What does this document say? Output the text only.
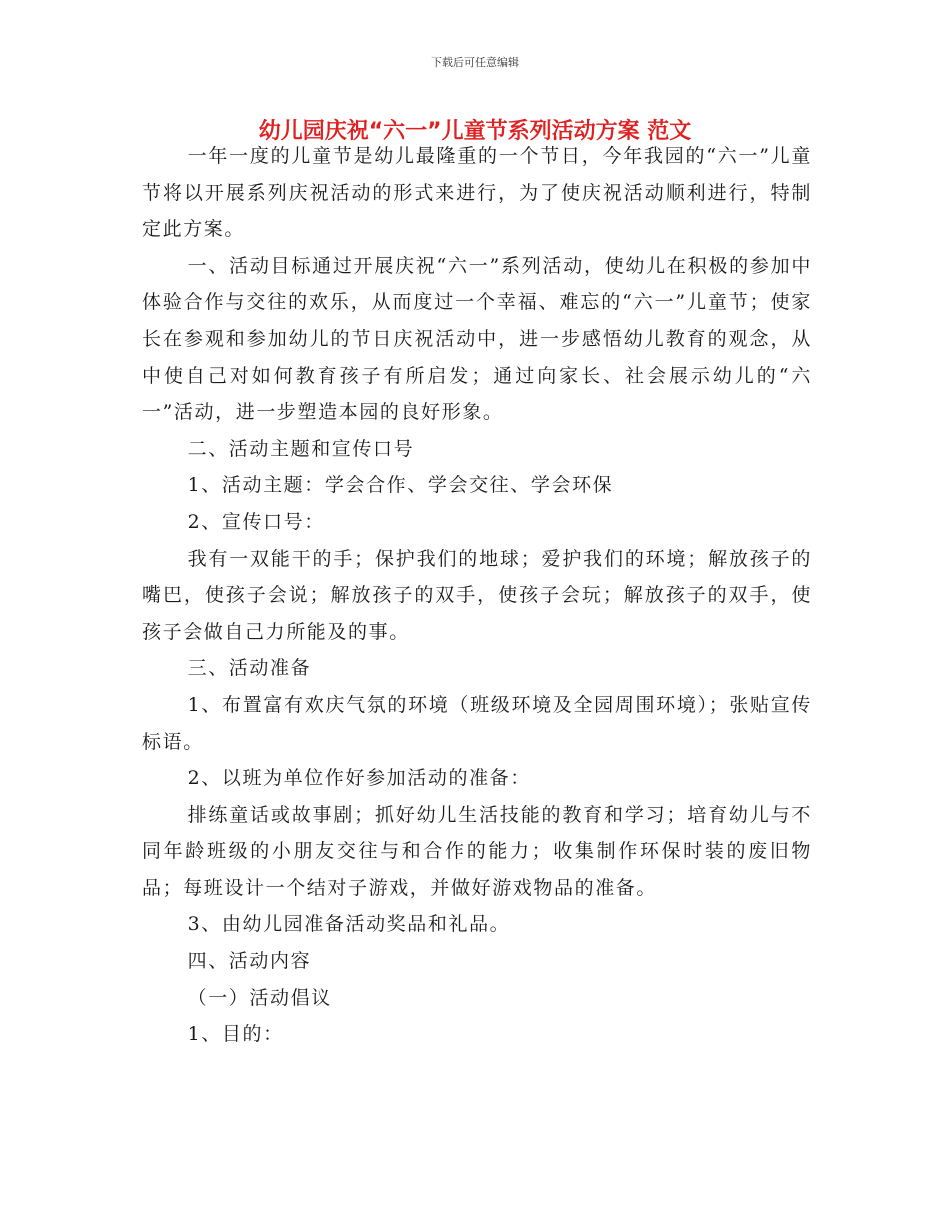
下载后可任意编辑
幼儿园庆祝“六一”儿童节系列活动方案 范文

一年一度的儿童节是幼儿最隆重的一个节日，今年我园的“六一”儿童节将以开展系列庆祝活动的形式来进行，为了使庆祝活动顺利进行，特制定此方案。

一、活动目标通过开展庆祝“六一”系列活动，使幼儿在积极的参加中体验合作与交往的欢乐，从而度过一个幸福、难忘的“六一”儿童节；使家长在参观和参加幼儿的节日庆祝活动中，进一步感悟幼儿教育的观念，从中使自己对如何教育孩子有所启发；通过向家长、社会展示幼儿的“六一”活动，进一步塑造本园的良好形象。

二、活动主题和宣传口号

1、活动主题：学会合作、学会交往、学会环保

2、宣传口号：

我有一双能干的手；保护我们的地球；爱护我们的环境；解放孩子的嘴巴，使孩子会说；解放孩子的双手，使孩子会玩；解放孩子的双手，使孩子会做自己力所能及的事。

三、活动准备

1、布置富有欢庆气氛的环境（班级环境及全园周围环境）；张贴宣传标语。

2、以班为单位作好参加活动的准备：

排练童话或故事剧；抓好幼儿生活技能的教育和学习；培育幼儿与不同年龄班级的小朋友交往与和合作的能力；收集制作环保时装的废旧物品；每班设计一个结对子游戏，并做好游戏物品的准备。

3、由幼儿园准备活动奖品和礼品。

四、活动内容

（一）活动倡议

1、目的：
